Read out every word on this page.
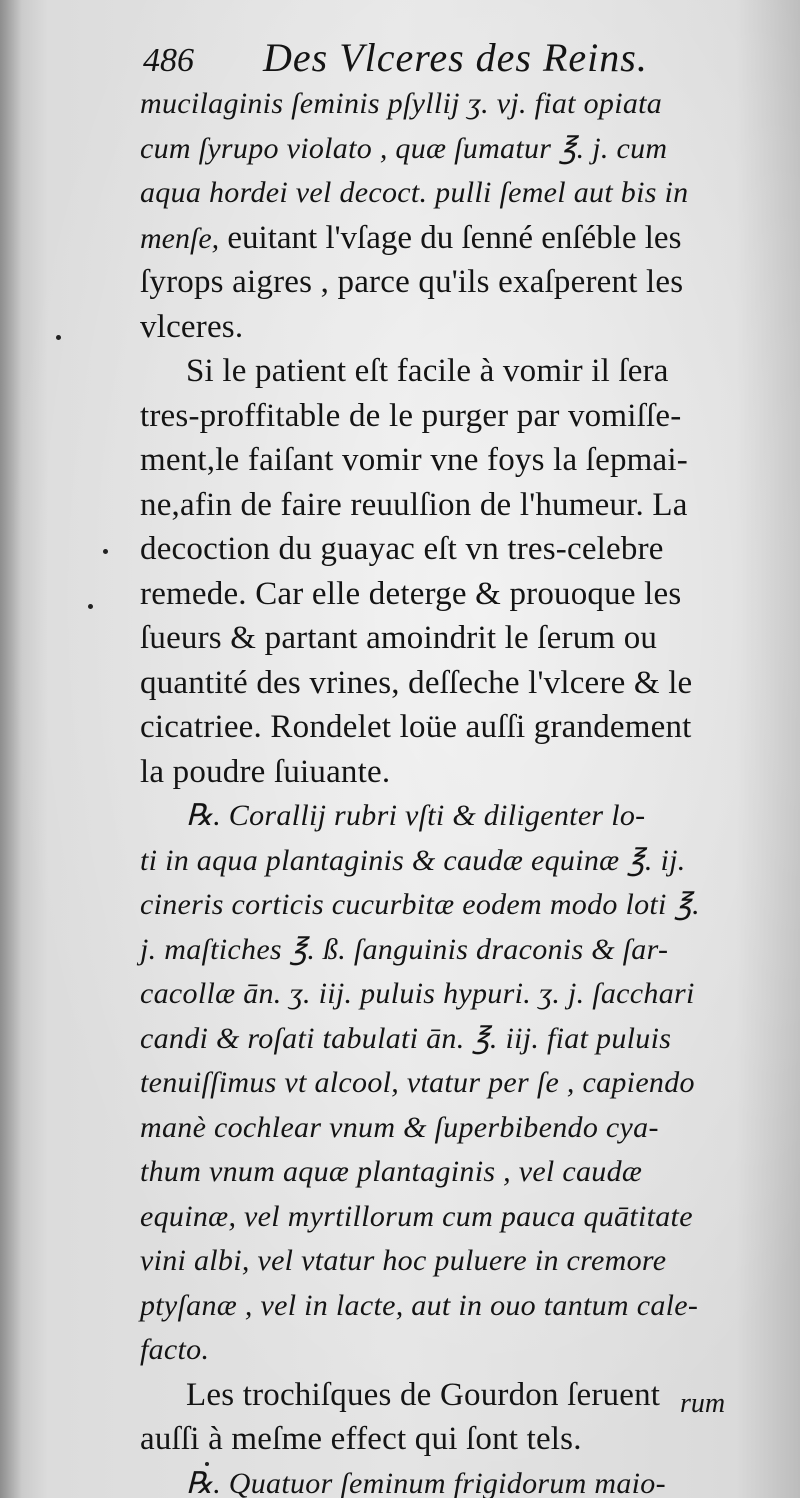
486 Des Vlceres des Reins.
mucilaginis ſeminis pſyllij ʒ. vj. fiat opiata
cum ſyrupo violato , quæ ſumatur ℥. j. cum
aqua hordei vel decoct. pulli ſemel aut bis in
menſe, euitant l'vſage du ſenné enſéble les
ſyrops aigres , parce qu'ils exaſperent les
vlceres.
Si le patient eſt facile à vomir il ſera
tres-proffitable de le purger par vomiſſe-
ment,le faiſant vomir vne foys la ſepmai-
ne,afin de faire reuulſion de l'humeur. La
decoction du guayac eſt vn tres-celebre
remede. Car elle deterge & prouoque les
ſueurs & partant amoindrit le ſerum ou
quantité des vrines, deſſeche l'vlcere & le
cicatriee. Rondelet loüe auſſi grandement
la poudre ſuiuante.
℞. Corallij rubri vſti & diligenter lo-
ti in aqua plantaginis & caudæ equinæ ℥. ij.
cineris corticis cucurbitæ eodem modo loti ℥.
j. maſtiches ℥. ß. ſanguinis draconis & ſar-
cacollæ ān. ʒ. iij. puluis hypuri. ʒ. j. ſacchari
candi & roſati tabulati ān. ℥. iij. fiat puluis
tenuiſſimus vt alcool, vtatur per ſe , capiendo
manè cochlear vnum & ſuperbibendo cya-
thum vnum aquæ plantaginis , vel caudæ
equinæ, vel myrtillorum cum pauca quātitate
vini albi, vel vtatur hoc puluere in cremore
ptyſanæ , vel in lacte, aut in ouo tantum cale-
facto.
Les trochiſques de Gourdon ſeruent
auſſi à meſme effect qui ſont tels.
℞. Quatuor ſeminum frigidorum maio-
rum
